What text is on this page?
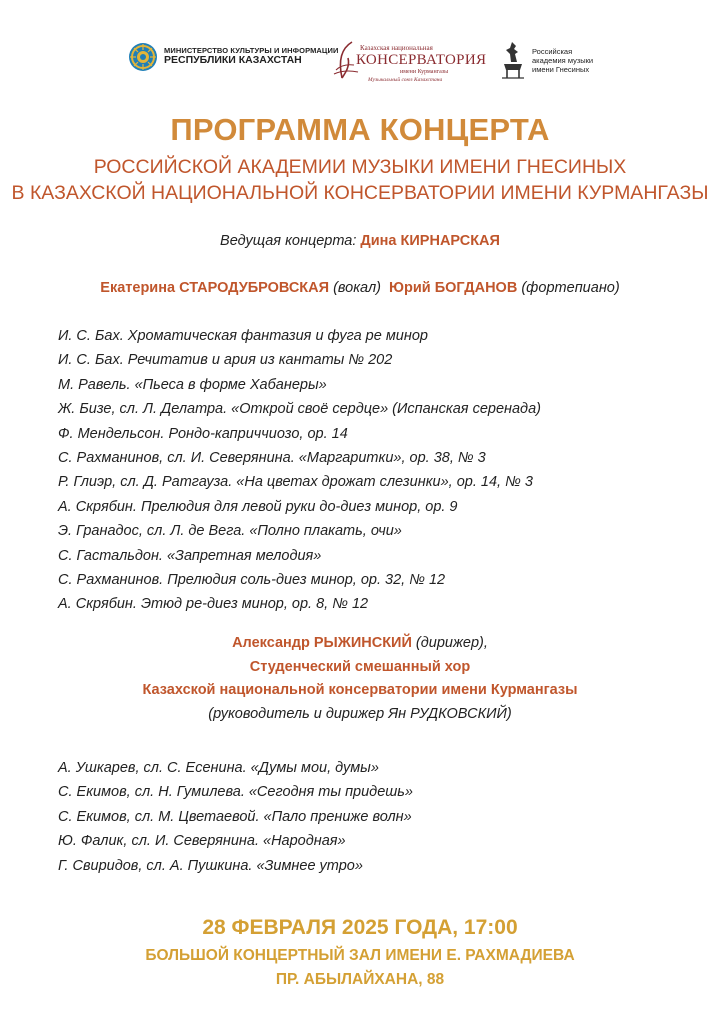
МИНИСТЕРСТВО КУЛЬТУРЫ И ИНФОРМАЦИИ
РЕСПУБЛИКИ КАЗАХСТАН
Казахская национальная
КОНСЕРВАТОРИЯ
имени Курмангазы
Музыкальный союз Казахстана
Российская
академия музыки
имени Гнесиных
ПРОГРАММА КОНЦЕРТА
РОССИЙСКОЙ АКАДЕМИИ МУЗЫКИ ИМЕНИ ГНЕСИНЫХ
В КАЗАХСКОЙ НАЦИОНАЛЬНОЙ КОНСЕРВАТОРИИ ИМЕНИ КУРМАНГАЗЫ
Ведущая концерта: Дина КИРНАРСКАЯ
Екатерина СТАРОДУБРОВСКАЯ (вокал) Юрий БОГДАНОВ (фортепиано)
И. С. Бах. Хроматическая фантазия и фуга ре минор
И. С. Бах. Речитатив и ария из кантаты № 202
М. Равель. «Пьеса в форме Хабанеры»
Ж. Бизе, сл. Л. Делатра. «Открой своё сердце» (Испанская серенада)
Ф. Мендельсон. Рондо-каприччиозо, ор. 14
С. Рахманинов, сл. И. Северянина. «Маргаритки», ор. 38, № 3
Р. Глиэр, сл. Д. Ратгауза. «На цветах дрожат слезинки», ор. 14, № 3
А. Скрябин. Прелюдия для левой руки до-диез минор, ор. 9
Э. Гранадос, сл. Л. де Вега. «Полно плакать, очи»
С. Гастальдон. «Запретная мелодия»
С. Рахманинов. Прелюдия соль-диез минор, ор. 32, № 12
А. Скрябин. Этюд ре-диез минор, ор. 8, № 12
Александр РЫЖИНСКИЙ (дирижер),
Студенческий смешанный хор
Казахской национальной консерватории имени Курмангазы
(руководитель и дирижер Ян РУДКОВСКИЙ)
А. Ушкарев, сл. С. Есенина. «Думы мои, думы»
С. Екимов, сл. Н. Гумилева. «Сегодня ты придешь»
С. Екимов, сл. М. Цветаевой. «Пало прениже волн»
Ю. Фалик, сл. И. Северянина. «Народная»
Г. Свиридов, сл. А. Пушкина. «Зимнее утро»
28 ФЕВРАЛЯ 2025 ГОДА, 17:00
БОЛЬШОЙ КОНЦЕРТНЫЙ ЗАЛ ИМЕНИ Е. РАХМАДИЕВА
ПР. АБЫЛАЙХАНА, 88
